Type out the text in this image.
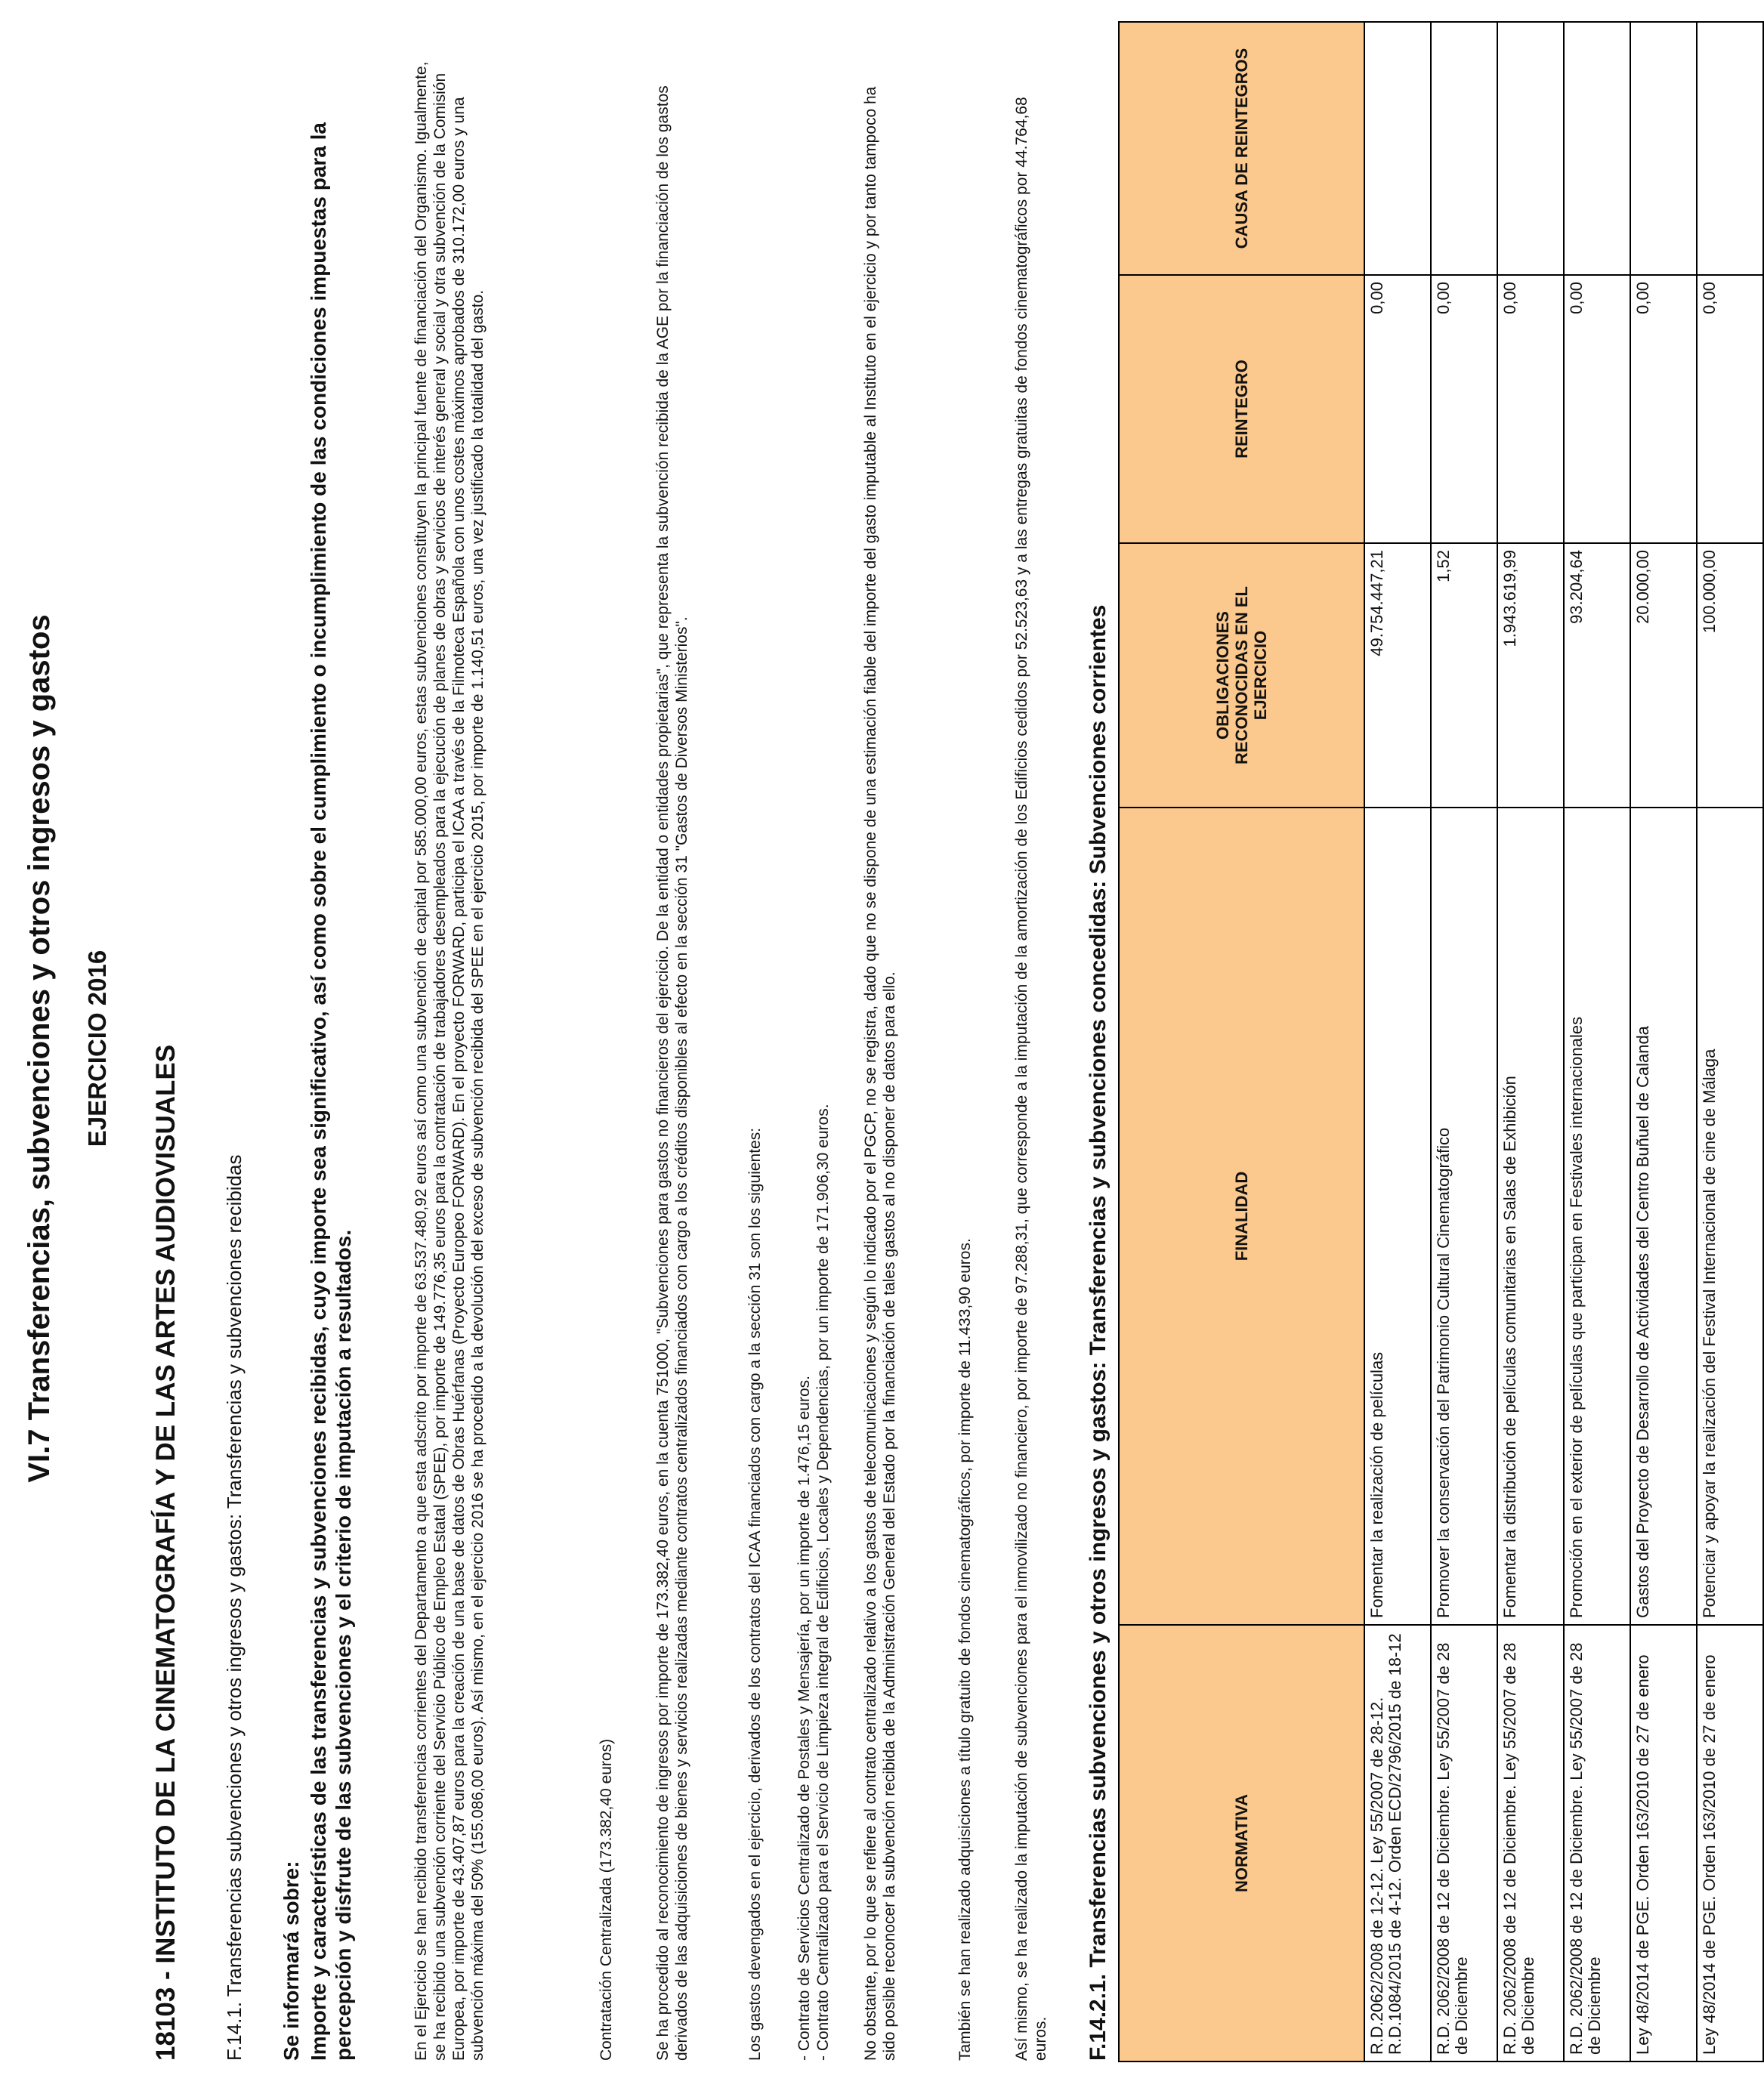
VI.7 Transferencias, subvenciones y otros ingresos y gastos EJERCICIO 2016 18103 - INSTITUTO DE LA CINEMATOGRAFÍA Y DE LAS ARTES AUDIOVISUALES F.14.1. Transferencias subvenciones y otros ingresos y gastos: Transferencias y subvenciones recibidas Se informará sobre: Importe y características de las transferencias y subvenciones recibidas, cuyo importe sea significativo, así como sobre el cumplimiento o incumplimiento de las condiciones impuestas para la percepción y disfrute de las subvenciones y el criterio de imputación a resultados.	En el Ejercicio se han recibido transferencias corrientes del Departamento a que esta adscrito por importe de 63.537.480,92 euros así como una subvención de capital por 585.000,00 euros, estas subvenciones constituyen la principal fuente de financiación del Organismo. Igualmente, se ha recibido una subvención corriente del Servicio Público de Empleo Estatal (SPEE), por importe de 149.776,35 euros para la contratación de trabajadores desempleados para la ejecución de planes de obras y servicios de interés general y social y otra subvención de la Comisión Europea, por importe de 43.407,87 euros para la creación de una base de datos de Obras Huérfanas (Proyecto Europeo FORWARD). En el proyecto FORWARD, participa el ICAA a través de la Filmoteca Española con unos costes máximos aprobados de 310.172,00 euros y una subvención máxima del 50% (155.086,00 euros). Así mismo, en el ejercicio 2016 se ha procedido a la devolución del exceso de subvención recibida del SPEE en el ejercicio 2015, por importe de 1.140,51 euros, una vez justificado la totalidad del gasto.	Contratación Centralizada (173.382,40 euros) Se ha procedido al reconocimiento de ingresos por importe de 173.382,40 euros, en la cuenta 751000, "Subvenciones para gastos no financieros del ejercicio. De la entidad o entidades propietarias", que representa la subvención recibida de la AGE por la financiación de los gastos derivados de las adquisiciones de bienes y servicios realizadas mediante contratos centralizados financiados con cargo a los créditos disponibles al efecto en la sección 31 "Gastos de Diversos Ministerios".	Los gastos devengados en el ejercicio, derivados de los contratos del ICAA financiados con cargo a la sección 31 son los siguientes: - Contrato de Servicios Centralizado de Postales y Mensajería, por un importe de 1.476,15 euros. - Contrato Centralizado para el Servicio de Limpieza integral de Edificios, Locales y Dependencias, por un importe de 171.906,30 euros. No obstante, por lo que se refiere al contrato centralizado relativo a los gastos de telecomunicaciones y según lo indicado por el PGCP, no se registra, dado que no se dispone de una estimación fiable del importe del gasto imputable al Instituto en el ejercicio y por tanto tampoco ha sido posible reconocer la subvención recibida de la Administración General del Estado por la financiación de tales gastos al no disponer de datos para ello.	También se han realizado adquisiciones a título gratuito de fondos cinematográficos, por importe de 11.433,90 euros. Así mismo, se ha realizado la imputación de subvenciones para el inmovilizado no financiero, por importe de 97.288,31, que corresponde a la imputación de la amortización de los Edificios cedidos por 52.523,63 y a las entregas gratuitas de fondos cinematográficos por 44.764,68 euros. F.14.2.1. Transferencias subvenciones y otros ingresos y gastos: Transferencias y subvenciones concedidas: Subvenciones corrientes	NORMATIVA	FINALIDAD	OBLIGACIONES RECONOCIDAS EN EL EJERCICIO	REINTEGRO	CAUSA DE REINTEGROS
R.D.2062/2008 de 12-12. Ley 55/2007 de 28-12. R.D.1084/2015 de 4-12. Orden ECD/2796/2015 de 18-12	Fomentar la realización de películas	49.754.447,21	0,00	
R.D. 2062/2008 de 12 de Diciembre. Ley 55/2007 de 28 de Diciembre	Promover la conservación del Patrimonio Cultural Cinematográfico	1,52	0,00	
R.D. 2062/2008 de 12 de Diciembre. Ley 55/2007 de 28 de Diciembre	Fomentar la distribución de películas comunitarias en Salas de Exhibición	1.943.619,99	0,00	
R.D. 2062/2008 de 12 de Diciembre. Ley 55/2007 de 28 de Diciembre	Promoción en el exterior de películas que participan en Festivales internacionales	93.204,64	0,00	
Ley 48/2014 de PGE. Orden 163/2010 de 27 de enero	Gastos del Proyecto de Desarrollo de Actividades del Centro Buñuel de Calanda	20.000,00	0,00	
Ley 48/2014 de PGE. Orden 163/2010 de 27 de enero	Potenciar y apoyar la realización del Festival Internacional de cine de Málaga	100.000,00	0,00	
